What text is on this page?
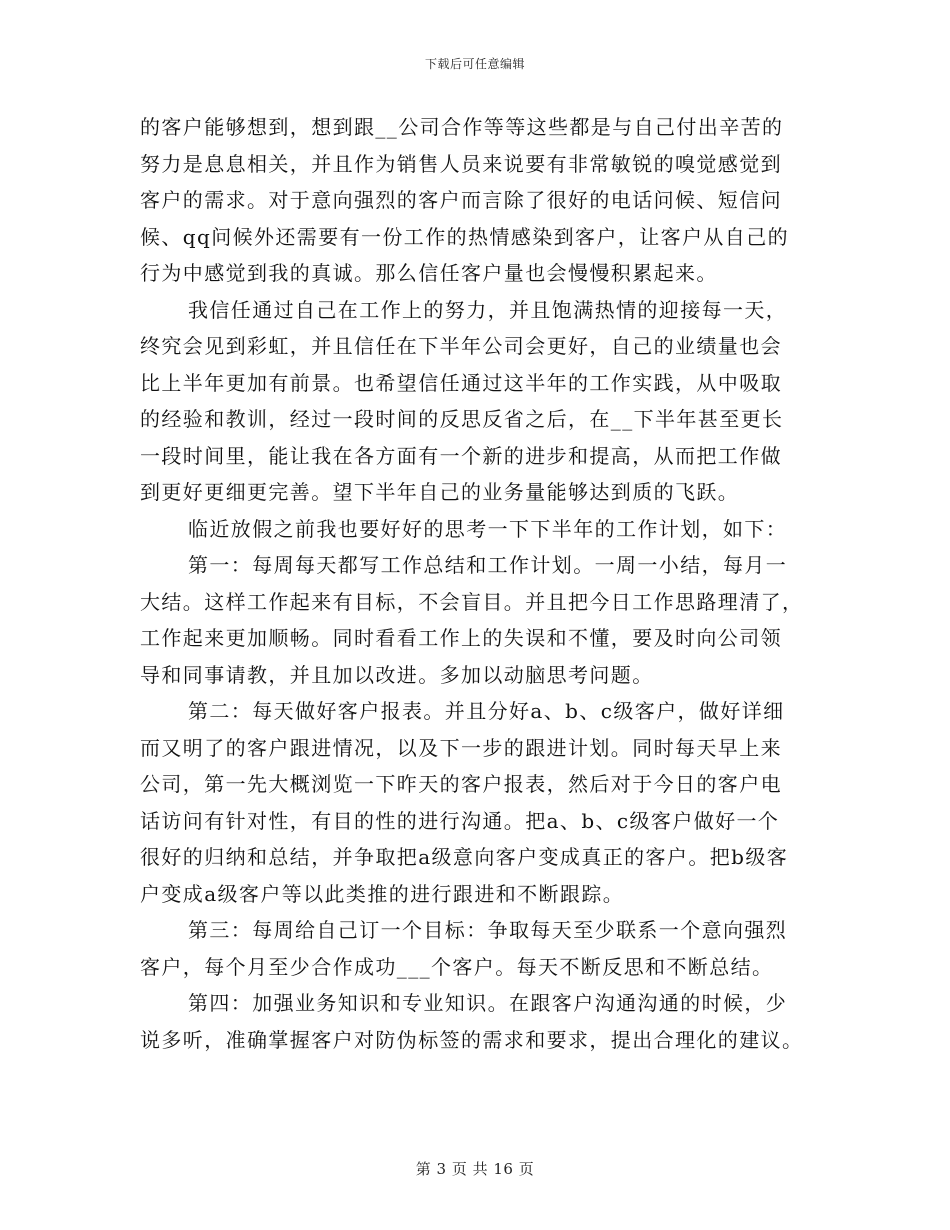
下载后可任意编辑
的客户能够想到，想到跟__公司合作等等这些都是与自己付出辛苦的
努力是息息相关，并且作为销售人员来说要有非常敏锐的嗅觉感觉到
客户的需求。对于意向强烈的客户而言除了很好的电话问候、短信问
候、qq问候外还需要有一份工作的热情感染到客户，让客户从自己的
行为中感觉到我的真诚。那么信任客户量也会慢慢积累起来。
我信任通过自己在工作上的努力，并且饱满热情的迎接每一天，
终究会见到彩虹，并且信任在下半年公司会更好，自己的业绩量也会
比上半年更加有前景。也希望信任通过这半年的工作实践，从中吸取
的经验和教训，经过一段时间的反思反省之后，在__下半年甚至更长
一段时间里，能让我在各方面有一个新的进步和提高，从而把工作做
到更好更细更完善。望下半年自己的业务量能够达到质的飞跃。
临近放假之前我也要好好的思考一下下半年的工作计划，如下：
第一：每周每天都写工作总结和工作计划。一周一小结，每月一
大结。这样工作起来有目标，不会盲目。并且把今日工作思路理清了，
工作起来更加顺畅。同时看看工作上的失误和不懂，要及时向公司领
导和同事请教，并且加以改进。多加以动脑思考问题。
第二：每天做好客户报表。并且分好a、b、c级客户，做好详细
而又明了的客户跟进情况，以及下一步的跟进计划。同时每天早上来
公司，第一先大概浏览一下昨天的客户报表，然后对于今日的客户电
话访问有针对性，有目的性的进行沟通。把a、b、c级客户做好一个
很好的归纳和总结，并争取把a级意向客户变成真正的客户。把b级客
户变成a级客户等以此类推的进行跟进和不断跟踪。
第三：每周给自己订一个目标：争取每天至少联系一个意向强烈
客户，每个月至少合作成功___个客户。每天不断反思和不断总结。
第四：加强业务知识和专业知识。在跟客户沟通沟通的时候，少
说多听，准确掌握客户对防伪标签的需求和要求，提出合理化的建议。
第 3 页 共 16 页
